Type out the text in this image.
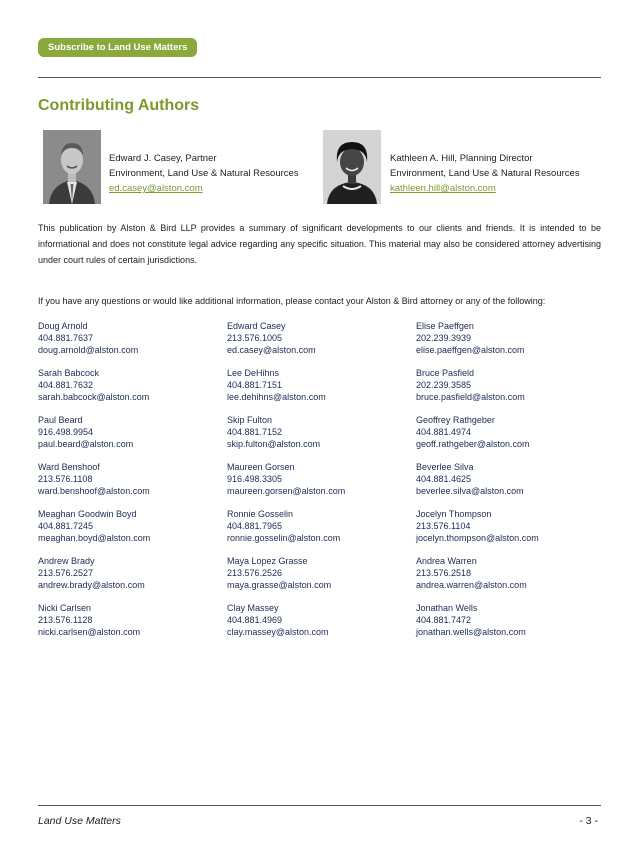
Subscribe to Land Use Matters
Contributing Authors
Edward J. Casey, Partner
Environment, Land Use & Natural Resources
ed.casey@alston.com
Kathleen A. Hill, Planning Director
Environment, Land Use & Natural Resources
kathleen.hill@alston.com
This publication by Alston & Bird LLP provides a summary of significant developments to our clients and friends. It is intended to be informational and does not constitute legal advice regarding any specific situation. This material may also be considered attorney advertising under court rules of certain jurisdictions.
If you have any questions or would like additional information, please contact your Alston & Bird attorney or any of the following:
Doug Arnold
404.881.7637
doug.arnold@alston.com
Edward Casey
213.576.1005
ed.casey@alston.com
Elise Paeffgen
202.239.3939
elise.paeffgen@alston.com
Sarah Babcock
404.881.7632
sarah.babcock@alston.com
Lee DeHihns
404.881.7151
lee.dehihns@alston.com
Bruce Pasfield
202.239.3585
bruce.pasfield@alston.com
Paul Beard
916.498.9954
paul.beard@alston.com
Skip Fulton
404.881.7152
skip.fulton@alston.com
Geoffrey Rathgeber
404.881.4974
geoff.rathgeber@alston.com
Ward Benshoof
213.576.1108
ward.benshoof@alston.com
Maureen Gorsen
916.498.3305
maureen.gorsen@alston.com
Beverlee Silva
404.881.4625
beverlee.silva@alston.com
Meaghan Goodwin Boyd
404.881.7245
meaghan.boyd@alston.com
Ronnie Gosselin
404.881.7965
ronnie.gosselin@alston.com
Jocelyn Thompson
213.576.1104
jocelyn.thompson@alston.com
Andrew Brady
213.576.2527
andrew.brady@alston.com
Maya Lopez Grasse
213.576.2526
maya.grasse@alston.com
Andrea Warren
213.576.2518
andrea.warren@alston.com
Nicki Carlsen
213.576.1128
nicki.carlsen@alston.com
Clay Massey
404.881.4969
clay.massey@alston.com
Jonathan Wells
404.881.7472
jonathan.wells@alston.com
Land Use Matters	- 3 -
